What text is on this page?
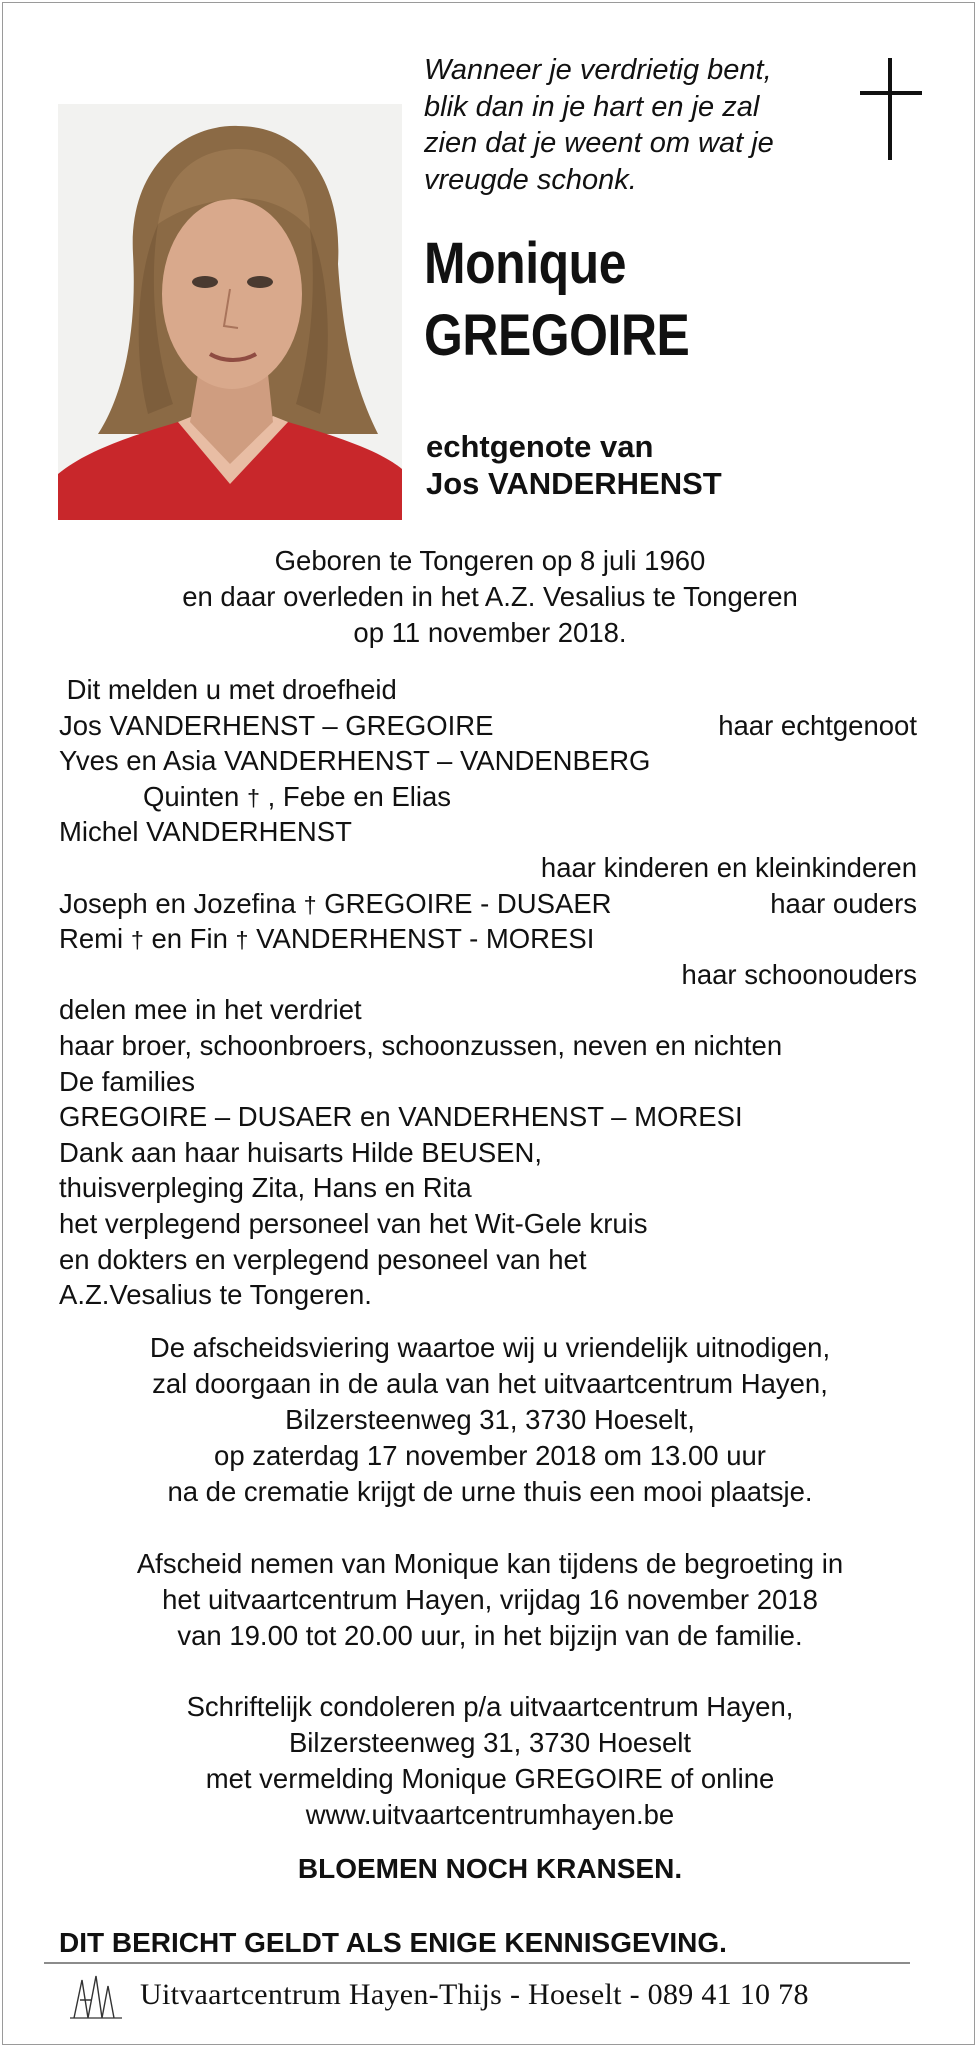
Wanneer je verdrietig bent,
blik dan in je hart en je zal
zien dat je weent om wat je
vreugde schonk.
Monique
GREGOIRE
echtgenote van
Jos VANDERHENST
Geboren te Tongeren op 8 juli 1960
en daar overleden in het A.Z. Vesalius te Tongeren
op 11 november 2018.
Dit melden u met droefheid
Jos VANDERHENST – GREGOIRE	haar echtgenoot
Yves en Asia VANDERHENST – VANDENBERG
Quinten † , Febe en Elias
Michel VANDERHENST
haar kinderen en kleinkinderen
Joseph en Jozefina † GREGOIRE - DUSAER	haar ouders
Remi † en Fin † VANDERHENST - MORESI
haar schoonouders
delen mee in het verdriet
haar broer, schoonbroers, schoonzussen, neven en nichten
De families
GREGOIRE – DUSAER en VANDERHENST – MORESI
Dank aan haar huisarts Hilde BEUSEN,
thuisverpleging Zita, Hans en Rita
het verplegend personeel van het Wit-Gele kruis
en dokters en verplegend pesoneel van het
A.Z.Vesalius te Tongeren.
De afscheidsviering waartoe wij u vriendelijk uitnodigen,
zal doorgaan in de aula van het uitvaartcentrum Hayen,
Bilzersteenweg 31, 3730 Hoeselt,
op zaterdag 17 november 2018 om 13.00 uur
na de crematie krijgt de urne thuis een mooi plaatsje.
Afscheid nemen van Monique kan tijdens de begroeting in
het uitvaartcentrum Hayen, vrijdag 16 november 2018
van 19.00 tot 20.00 uur, in het bijzijn van de familie.
Schriftelijk condoleren p/a uitvaartcentrum Hayen,
Bilzersteenweg 31, 3730 Hoeselt
met vermelding Monique GREGOIRE of online
www.uitvaartcentrumhayen.be
BLOEMEN NOCH KRANSEN.
DIT BERICHT GELDT ALS ENIGE KENNISGEVING.
Uitvaartcentrum Hayen-Thijs - Hoeselt - 089 41 10 78
